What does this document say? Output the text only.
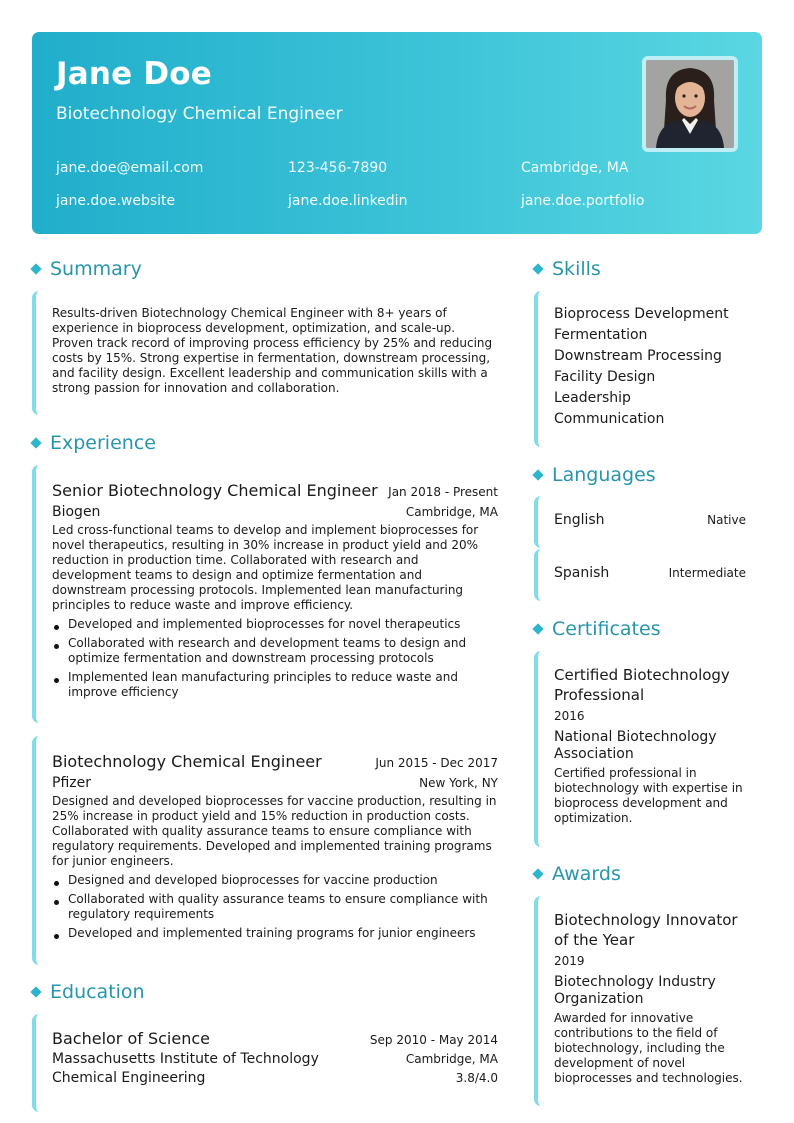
Jane Doe
Biotechnology Chemical Engineer
jane.doe@email.com	123-456-7890	Cambridge, MA
jane.doe.website	jane.doe.linkedin	jane.doe.portfolio
Summary
Results-driven Biotechnology Chemical Engineer with 8+ years of experience in bioprocess development, optimization, and scale-up. Proven track record of improving process efficiency by 25% and reducing costs by 15%. Strong expertise in fermentation, downstream processing, and facility design. Excellent leadership and communication skills with a strong passion for innovation and collaboration.
Experience
Senior Biotechnology Chemical Engineer Jan 2018 - Present
Biogen	Cambridge, MA
Led cross-functional teams to develop and implement bioprocesses for novel therapeutics, resulting in 30% increase in product yield and 20% reduction in production time. Collaborated with research and development teams to design and optimize fermentation and downstream processing protocols. Implemented lean manufacturing principles to reduce waste and improve efficiency.
Developed and implemented bioprocesses for novel therapeutics
Collaborated with research and development teams to design and optimize fermentation and downstream processing protocols
Implemented lean manufacturing principles to reduce waste and improve efficiency
Biotechnology Chemical Engineer	Jun 2015 - Dec 2017
Pfizer	New York, NY
Designed and developed bioprocesses for vaccine production, resulting in 25% increase in product yield and 15% reduction in production costs. Collaborated with quality assurance teams to ensure compliance with regulatory requirements. Developed and implemented training programs for junior engineers.
Designed and developed bioprocesses for vaccine production
Collaborated with quality assurance teams to ensure compliance with regulatory requirements
Developed and implemented training programs for junior engineers
Education
Bachelor of Science	Sep 2010 - May 2014
Massachusetts Institute of Technology	Cambridge, MA
Chemical Engineering	3.8/4.0
Skills
Bioprocess Development
Fermentation
Downstream Processing
Facility Design
Leadership
Communication
Languages
English	Native
Spanish	Intermediate
Certificates
Certified Biotechnology Professional
2016
National Biotechnology Association
Certified professional in biotechnology with expertise in bioprocess development and optimization.
Awards
Biotechnology Innovator of the Year
2019
Biotechnology Industry Organization
Awarded for innovative contributions to the field of biotechnology, including the development of novel bioprocesses and technologies.
